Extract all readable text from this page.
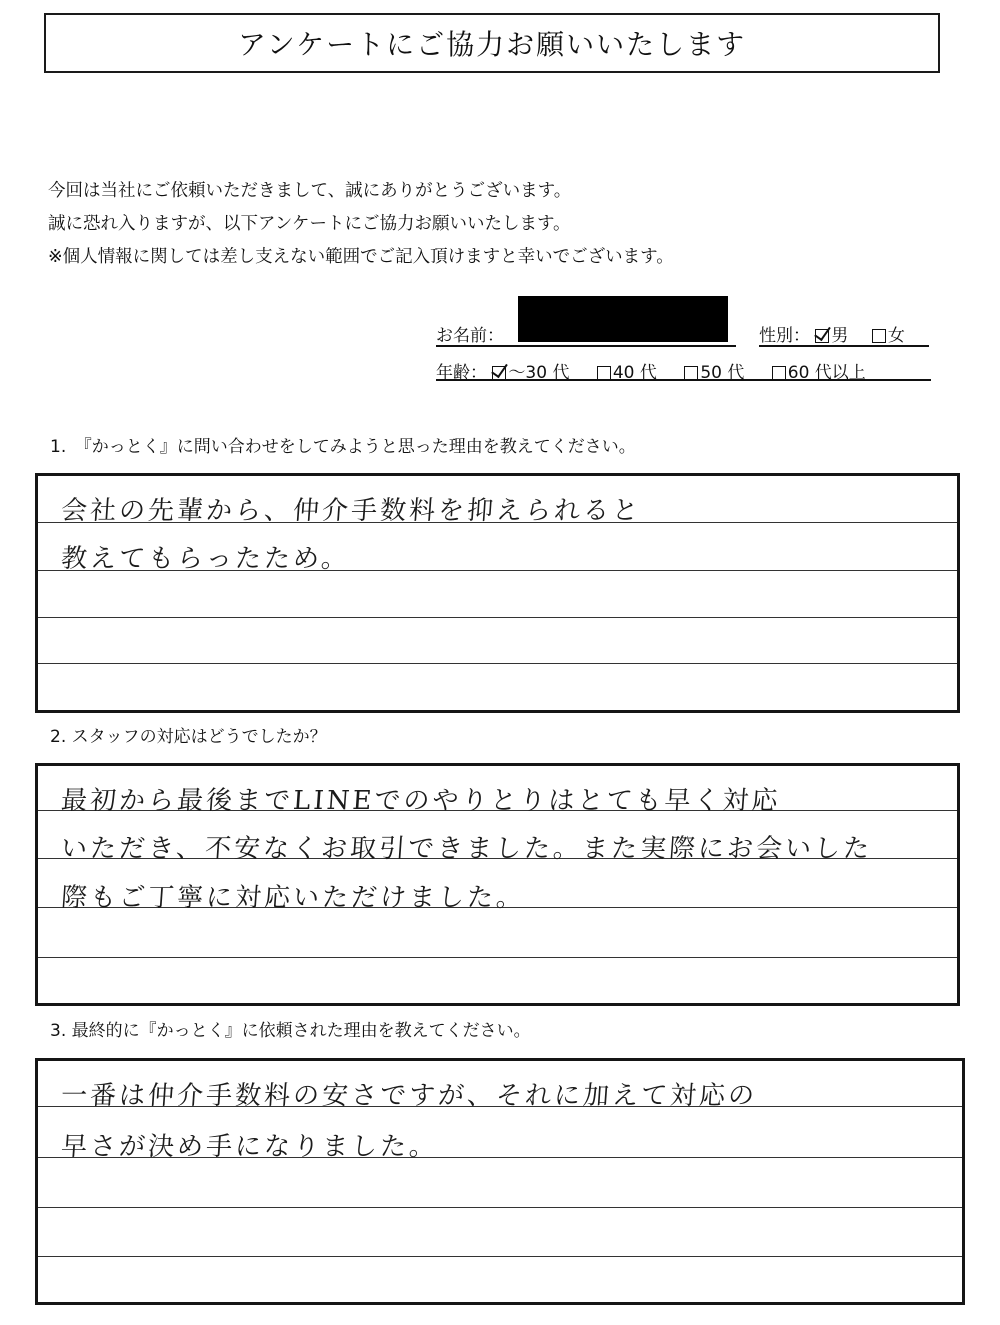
アンケートにご協力お願いいたします
今回は当社にご依頼いただきまして、誠にありがとうございます。
誠に恐れ入りますが、以下アンケートにご協力お願いいたします。
※個人情報に関しては差し支えない範囲でご記入頂けますと幸いでございます。
お名前：	性別： 男 女
年齢： ～30 代	40 代	50 代	60 代以上
1.　『かっとく』に問い合わせをしてみようと思った理由を教えてください。
会社の先輩から、仲介手数料を抑えられると
教えてもらったため。
2. スタッフの対応はどうでしたか？
最初から最後までLINEでのやりとりはとても早く対応
いただき、不安なくお取引できました。また実際にお会いした
際もご丁寧に対応いただけました。
3. 最終的に『かっとく』に依頼された理由を教えてください。
一番は仲介手数料の安さですが、それに加えて対応の
早さが決め手になりました。
